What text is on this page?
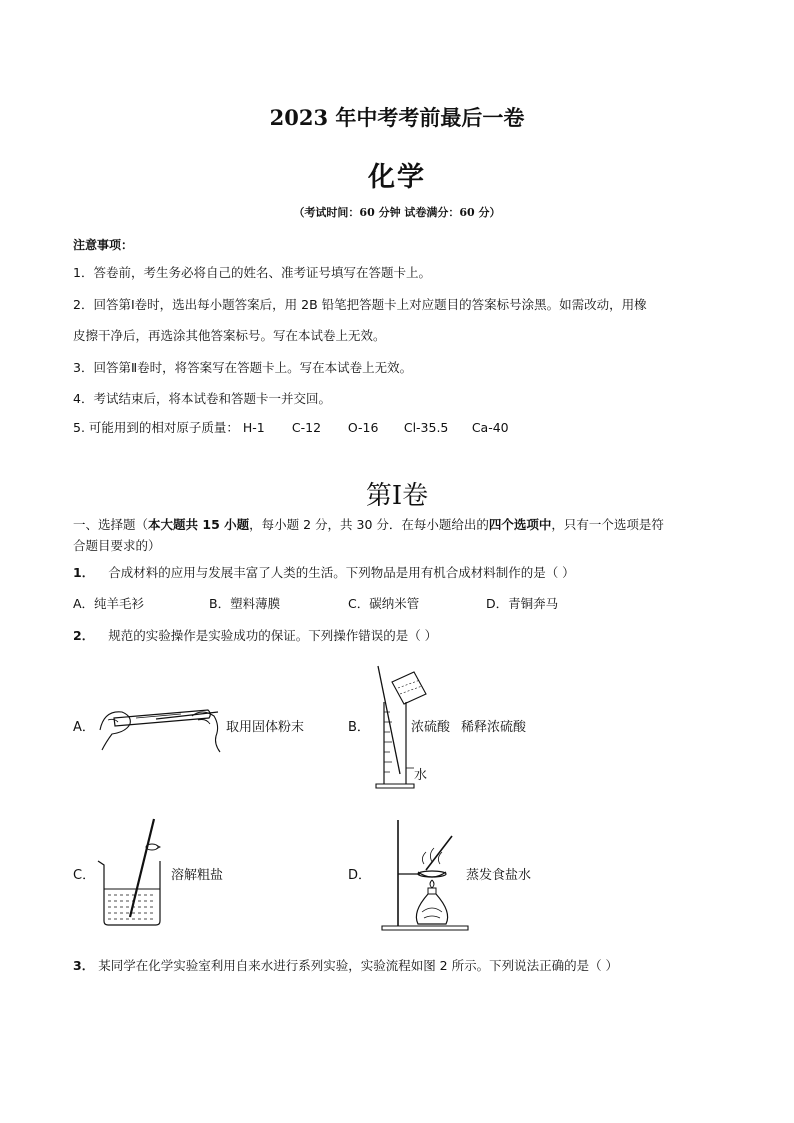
2023 年中考考前最后一卷
化学
（考试时间：60 分钟 试卷满分：60 分）
注意事项：
1．答卷前，考生务必将自己的姓名、准考证号填写在答题卡上。
2．回答第Ⅰ卷时，选出每小题答案后，用 2B 铅笔把答题卡上对应题目的答案标号涂黑。如需改动，用橡
皮擦干净后，再选涂其他答案标号。写在本试卷上无效。
3．回答第Ⅱ卷时，将答案写在答题卡上。写在本试卷上无效。
4．考试结束后，将本试卷和答题卡一并交回。
5. 可能用到的相对原子质量： H-1 C-12 O-16 Cl-35.5 Ca-40
第Ⅰ卷
一、选择题（本大题共 15 小题，每小题 2 分，共 30 分．在每小题给出的四个选项中，只有一个选项是符
合题目要求的）
1． 合成材料的应用与发展丰富了人类的生活。下列物品是用有机合成材料制作的是（ ）
A．纯羊毛衫	B．塑料薄膜	C．碳纳米管	D．青铜奔马
2． 规范的实验操作是实验成功的保证。下列操作错误的是（ ）
A．	取用固体粉末	B．	浓硫酸 稀释浓硫酸
水
C．	溶解粗盐	D．	蒸发食盐水
3． 某同学在化学实验室利用自来水进行系列实验，实验流程如图 2 所示。下列说法正确的是（ ）
